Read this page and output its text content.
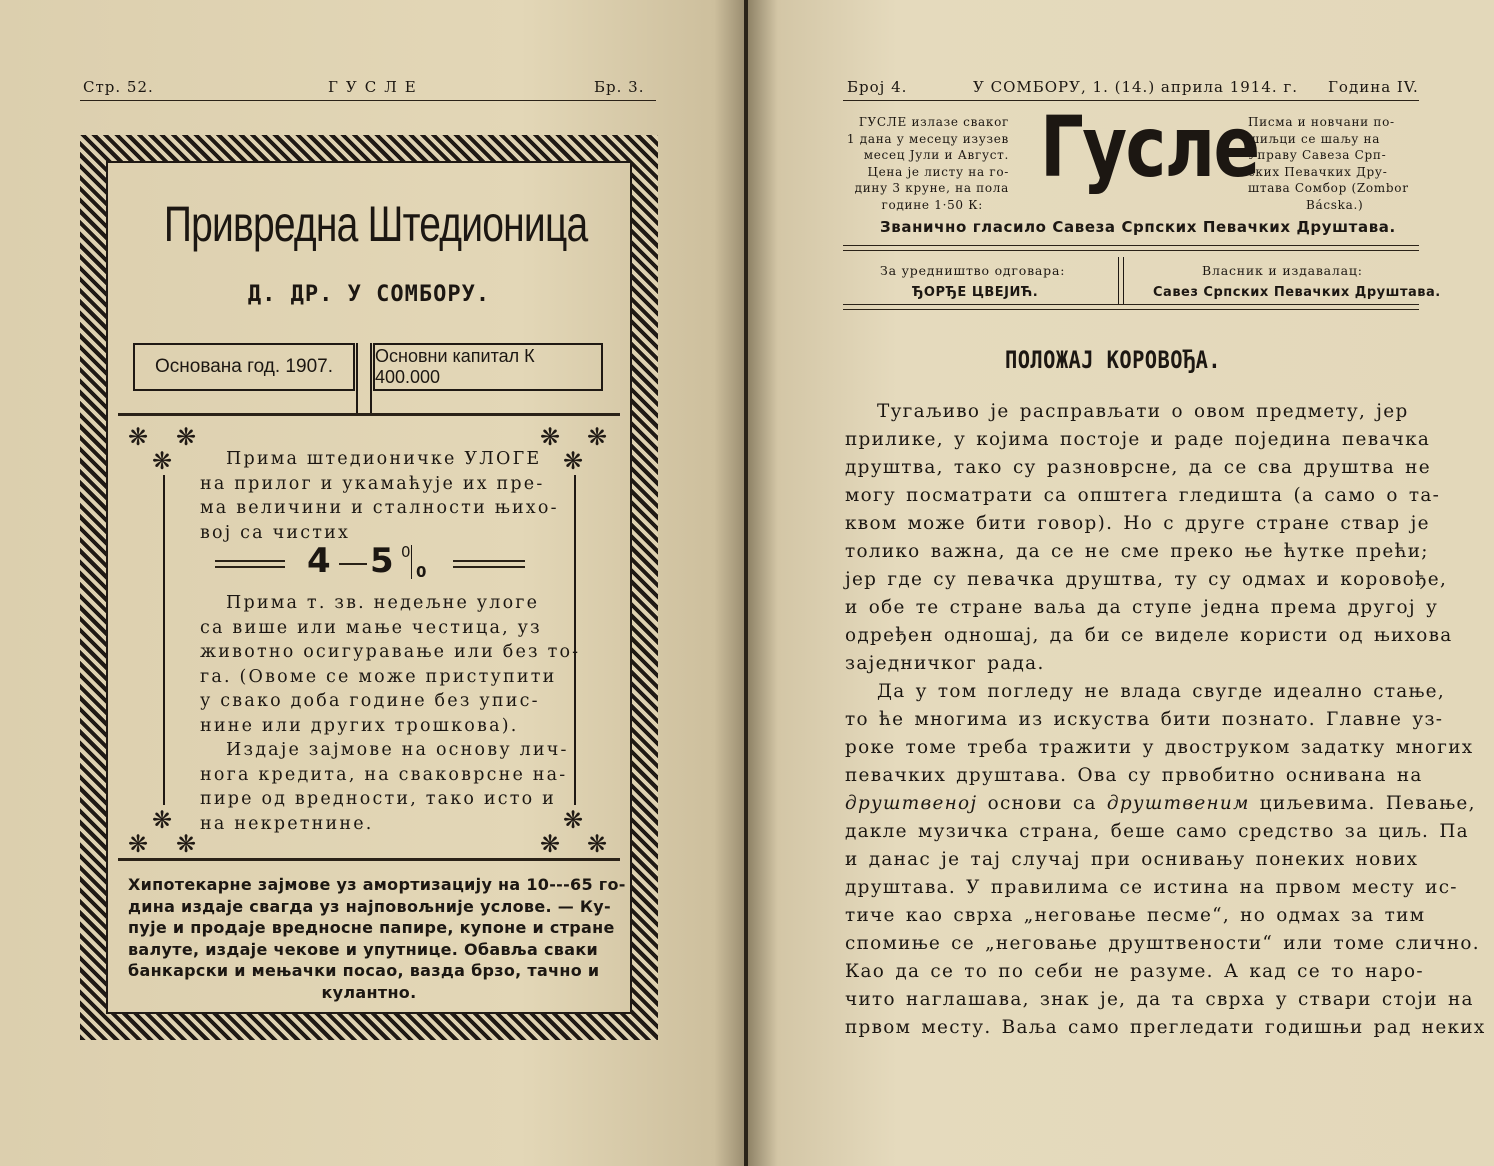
Стр. 52.	ГУСЛЕ	Бр. 3.
Привредна Штедионица
Д. ДР. У СОМБОРУ.
Основана год. 1907. Основни капитал К 400.000
❋ ❋
❋
❋ ❋
❋
❋
❋ ❋
❋
❋ ❋
Прима штедионичке УЛОГЕ
на прилог и укамаћује их пре-
ма величини и сталности њихо-
вој са чистих
4 5 0
0
Прима т. зв. недељне улоге
са више или мање честица, уз
животно осигуравање или без то-
га. (Овоме се може приступити
у свако доба године без упис-
нине или других трошкова).
Издаје зајмове на основу лич-
нога кредита, на сваковрсне на-
пире од вредности, тако исто и
на некретнине.
Хипотекарне зајмове уз амортизацију на 10---65 го-
дина издаје свагда уз најповољније услове. — Ку-
пује и продаје вредносне папире, купоне и стране
валуте, издаје чекове и упутнице. Обавља сваки
банкарски и мењачки посао, вазда брзо, тачно и
кулантно.
Број 4.	У СОМБОРУ, 1. (14.) априла 1914. г. Година IV.
ГУСЛЕ излазе сваког
1 дана у месецу изузев
месец Јули и Август.
Цена је листу на го-
дину 3 круне, на пола
године 1·50 К:
Гусле
Писма и новчани по-
шиљци се шаљу на
Управу Савеза Срп-
ских Певачких Дру-
штава Сомбор (Zombor
Bácska.)
Званично гласило Савеза Српских Певачких Друштава.
За уредништво одговара:
ЂОРЂЕ ЦВЕЈИЋ.
Власник и издавалац:
Савез Српских Певачких Друштава.
ПОЛОЖАЈ КОРОВОЂА.
Тугаљиво је расправљати о овом предмету, јер
прилике, у којима постоје и раде поједина певачка
друштва, тако су разноврсне, да се сва друштва не
могу посматрати са општега гледишта (а само о та-
квом може бити говор). Но с друге стране ствар је
толико важна, да се не сме преко ње ћутке прећи;
јер где су певачка друштва, ту су одмах и коровође,
и обе те стране ваља да ступе једна према другој у
одређен одношај, да би се виделе користи од њихова
заједничког рада.
Да у том погледу не влада свугде идеално стање,
то ће многима из искуства бити познато. Главне уз-
роке томе треба тражити у двоструком задатку многих
певачких друштава. Ова су првобитно оснивана на
друштвеној основи са друштвеним циљевима. Певање,
дакле музичка страна, беше само средство за циљ. Па
и данас је тај случај при оснивању понеких нових
друштава. У правилима се истина на првом месту ис-
тиче као сврха „неговање песме“, но одмах за тим
спомиње се „неговање друштвености“ или томе слично.
Као да се то по себи не разуме. А кад се то наро-
чито наглашава, знак је, да та сврха у ствари стоји на
првом месту. Ваља само прегледати годишњи рад неких
